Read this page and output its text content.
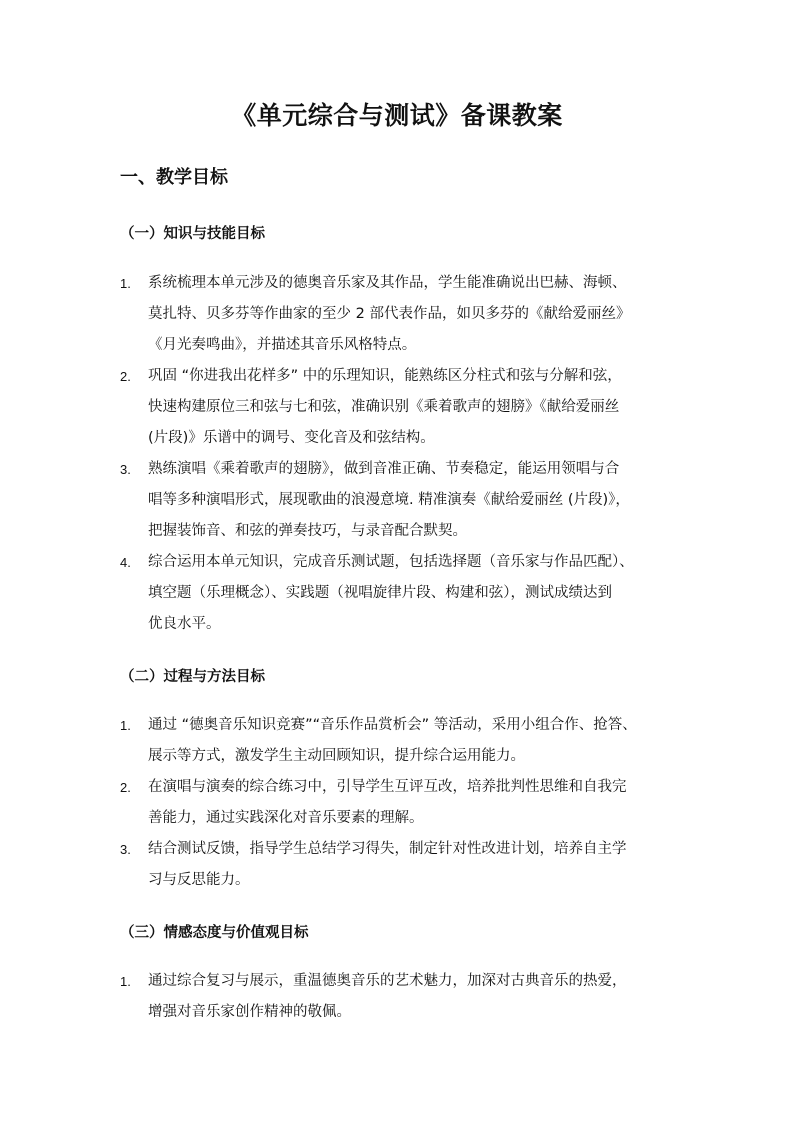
《单元综合与测试》备课教案
一、教学目标
（一）知识与技能目标
1. 系统梳理本单元涉及的德奥音乐家及其作品，学生能准确说出巴赫、海顿、
莫扎特、贝多芬等作曲家的至少 2 部代表作品，如贝多芬的《献给爱丽丝》
《月光奏鸣曲》，并描述其音乐风格特点。
2. 巩固 “你进我出花样多” 中的乐理知识，能熟练区分柱式和弦与分解和弦，
快速构建原位三和弦与七和弦，准确识别《乘着歌声的翅膀》《献给爱丽丝
(片段)》乐谱中的调号、变化音及和弦结构。
3. 熟练演唱《乘着歌声的翅膀》，做到音准正确、节奏稳定，能运用领唱与合
唱等多种演唱形式，展现歌曲的浪漫意境. 精准演奏《献给爱丽丝 (片段)》，
把握装饰音、和弦的弹奏技巧，与录音配合默契。
4. 综合运用本单元知识，完成音乐测试题，包括选择题（音乐家与作品匹配）、
填空题（乐理概念）、实践题（视唱旋律片段、构建和弦），测试成绩达到
优良水平。
（二）过程与方法目标
1. 通过 “德奥音乐知识竞赛”“音乐作品赏析会” 等活动，采用小组合作、抢答、
展示等方式，激发学生主动回顾知识，提升综合运用能力。
2. 在演唱与演奏的综合练习中，引导学生互评互改，培养批判性思维和自我完
善能力，通过实践深化对音乐要素的理解。
3. 结合测试反馈，指导学生总结学习得失，制定针对性改进计划，培养自主学
习与反思能力。
（三）情感态度与价值观目标
1. 通过综合复习与展示，重温德奥音乐的艺术魅力，加深对古典音乐的热爱，
增强对音乐家创作精神的敬佩。
